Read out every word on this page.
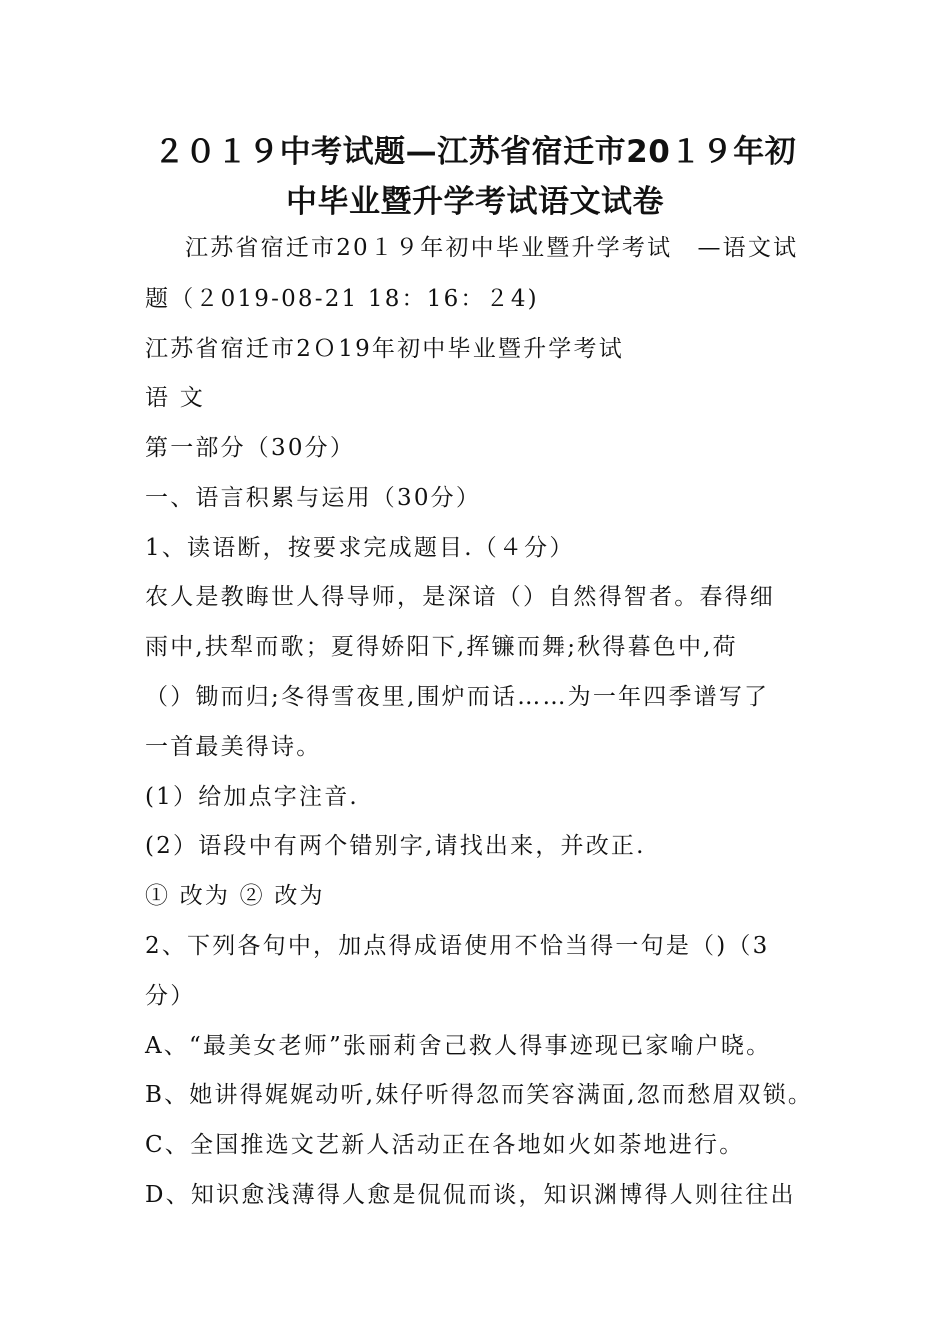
２０１９中考试题—江苏省宿迁市20１９年初
中毕业暨升学考试语文试卷
江苏省宿迁市20１９年初中毕业暨升学考试　—语文试
题（２019-08-21 18：16：２4)
江苏省宿迁市2Ｏ19年初中毕业暨升学考试
语 文
第一部分（30分）
一、语言积累与运用（30分）
1、读语断，按要求完成题目.（４分）
农人是教晦世人得导师，是深谙（）自然得智者。春得细
雨中,扶犁而歌；夏得娇阳下,挥镰而舞;秋得暮色中,荷
（）锄而归;冬得雪夜里,围炉而话……为一年四季谱写了
一首最美得诗。
(1）给加点字注音.
(2）语段中有两个错别字,请找出来，并改正.
① 改为 ② 改为
2、下列各句中，加点得成语使用不恰当得一句是（)（3
分）
A、“最美女老师”张丽莉舍己救人得事迹现已家喻户晓。
B、她讲得娓娓动听,妹仔听得忽而笑容满面,忽而愁眉双锁。
C、全国推选文艺新人活动正在各地如火如荼地进行。
D、知识愈浅薄得人愈是侃侃而谈，知识渊博得人则往往出
